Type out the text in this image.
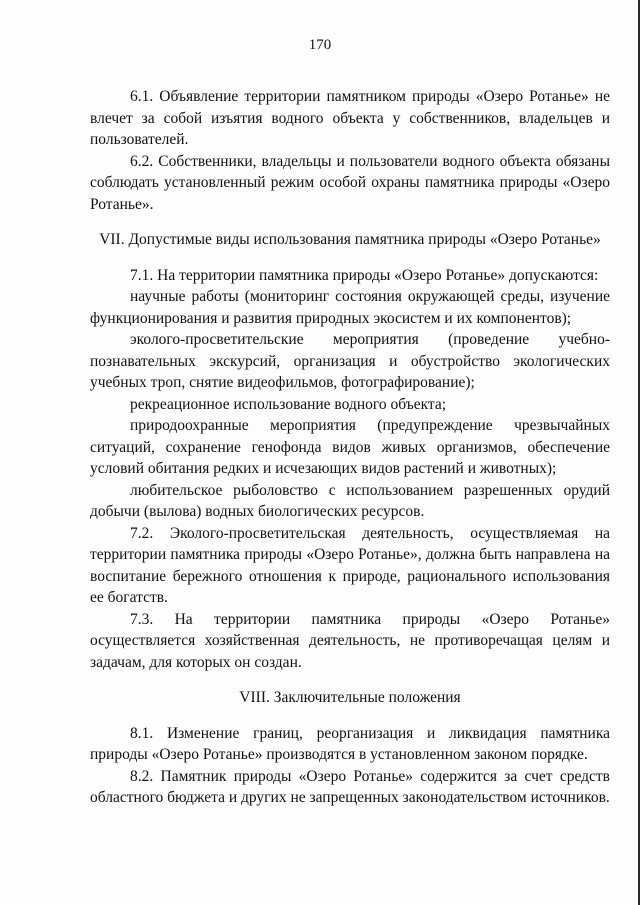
170

6.1. Объявление территории памятником природы «Озеро Ротанье» не влечет за собой изъятия водного объекта у собственников, владельцев и пользователей.

6.2. Собственники, владельцы и пользователи водного объекта обязаны соблюдать установленный режим особой охраны памятника природы «Озеро Ротанье».

VII. Допустимые виды использования памятника природы «Озеро Ротанье»

7.1. На территории памятника природы «Озеро Ротанье» допускаются:

научные работы (мониторинг состояния окружающей среды, изучение функционирования и развития природных экосистем и их компонентов);

эколого-просветительские мероприятия (проведение учебно-познавательных экскурсий, организация и обустройство экологических учебных троп, снятие видеофильмов, фотографирование);

рекреационное использование водного объекта;

природоохранные мероприятия (предупреждение чрезвычайных ситуаций, сохранение генофонда видов живых организмов, обеспечение условий обитания редких и исчезающих видов растений и животных);

любительское рыболовство с использованием разрешенных орудий добычи (вылова) водных биологических ресурсов.

7.2. Эколого-просветительская деятельность, осуществляемая на территории памятника природы «Озеро Ротанье», должна быть направлена на воспитание бережного отношения к природе, рационального использования ее богатств.

7.3. На территории памятника природы «Озеро Ротанье» осуществляется хозяйственная деятельность, не противоречащая целям и задачам, для которых он создан.

VIII. Заключительные положения

8.1. Изменение границ, реорганизация и ликвидация памятника природы «Озеро Ротанье» производятся в установленном законом порядке.

8.2. Памятник природы «Озеро Ротанье» содержится за счет средств областного бюджета и других не запрещенных законодательством источников.
